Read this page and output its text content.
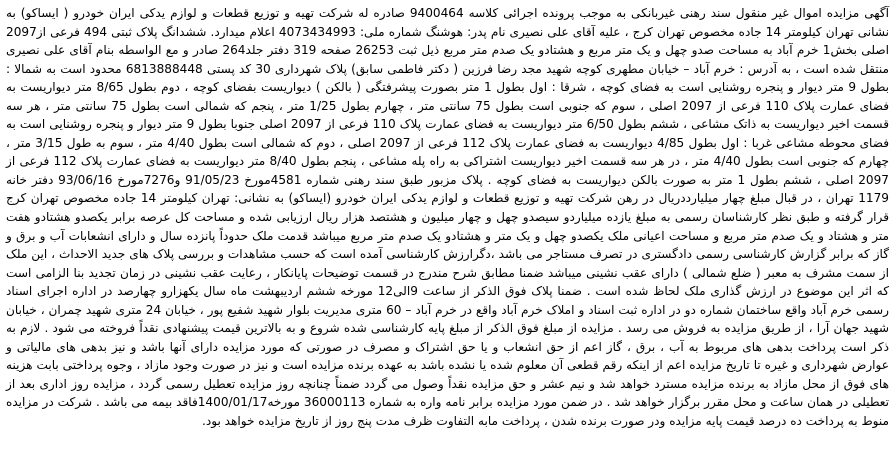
آگهی مزایده اموال غیر منقول سند رهنی غیربانکی به موجب پرونده اجرائی کلاسه 9400464 صادره له شرکت تهیه و توزیع قطعات و لوازم یدکی ایران خودرو ( ایساکو) به نشانی تهران کیلومتر 14 جاده مخصوص تهران کرج ، علیه آقای علی نصیری نام پدر: هوشنگ شماره ملی: 4073434993 اعلام میدارد. ششدانگ پلاک ثبتی 494 فرعی از2097 اصلی بخش1 خرم آباد به مساحت صدو چهل و یک متر مربع و هشتادو یک صدم متر مربع ذیل ثبت 26253 صفحه 319 دفتر جلد264 صادر و مع الواسطه بنام آقای علی نصیری منتقل شده است ، به آدرس : خرم آباد – خیابان مطهری کوچه شهید مجد رضا فرزین ( دکتر فاطمی سابق) پلاک شهرداری 30 کد پستی 6813888448 محدود است به شمالا : بطول 9 متر دیوار و پنجره روشنایی است به فضای کوچه ، شرقا : اول بطول 1 متر بصورت پیشرفتگی ( بالکن ) دیواریست بفضای کوچه ، دوم بطول 8/65 متر دیواریست به فضای عمارت پلاک 110 فرعی از 2097 اصلی ، سوم که جنوبی است بطول 75 سانتی متر ، چهارم بطول 1/25 متر ، پنجم که شمالی است بطول 75 سانتی متر ، هر سه قسمت اخیر دیواریست به ذاتک مشاعی ، ششم بطول 6/50 متر دیواریست به فضای عمارت پلاک 110 فرعی از 2097 اصلی جنوبا بطول 9 متر دیوار و پنجره روشنایی است به فضای محوطه مشاعی غربا : اول بطول 4/85 دیواریست به فضای عمارت پلاک 112 فرعی از 2097 اصلی ، دوم که شمالی است بطول 4/40 متر ، سوم به طول 3/15 متر ، چهارم که جنوبی است بطول 4/40 متر ، در هر سه قسمت اخیر دیواریست اشتراکی به راه پله مشاعی ، پنجم بطول 8/40 متر دیواریست به فضای عمارت پلاک 112 فرعی از 2097 اصلی ، ششم بطول 1 متر به صورت بالکن دیواریست به فضای کوچه . پلاک مزبور طبق سند رهنی شماره 4581مورخ 91/05/23 و7276مورخ 93/06/16 دفتر خانه 1179 تهران ، در قبال مبلغ چهار میلیارددریال در رهن شرکت تهیه و توزیع قطعات و لوازم یدکی ایران خودرو (ایساکو) به نشانی: تهران کیلومتر 14 جاده مخصوص تهران کرج قرار گرفته و طبق نظر کارشناسان رسمی به مبلغ یازده میلیاردو سیصدو چهل و چهار میلیون و هشتصد هزار ریال ارزیابی شده و مساحت کل عرصه برابر یکصدو هشتادو هفت متر و هشتاد و یک صدم متر مربع و مساحت اعیانی ملک یکصدو چهل و یک متر و هشتادو یک صدم متر مربع میباشد قدمت ملک حدوداً پانزده سال و دارای انشعابات آب و برق و گاز که برابر گزارش کارشناسی رسمی دادگستری در تصرف مستاجر می باشد ،دگرارزش کارشناسی آمده است که حسب مشاهدات و بررسی پلاک های جدید الاحداث ، این ملک از سمت مشرف به معبر ( ضلع شمالی ) دارای عقب نشینی میباشد ضمنا مطابق شرح مندرج در قسمت توضیحات پایانکار ، رعایت عقب نشینی در زمان تجدید بنا الزامی است که اثر این موضوع در ارزش گذاری ملک لحاظ شده است . ضمنا پلاک فوق الذکر از ساعت 9الی12 مورخه ششم اردیبهشت ماه سال یکهزارو چهارصد در اداره اجرای اسناد رسمی خرم آباد واقع ساختمان شماره دو در اداره ثبت اسناد و املاک خرم آباد واقع در خرم آباد – 60 متری مدیریت بلوار شهید شفیع پور ، خیابان 24 متری شهید چمران ، خیابان شهید جهان آرا ، از طریق مزایده به فروش می رسد . مزایده از مبلغ فوق الذکر از مبلغ پایه کارشناسی شده شروع و به بالاترین قیمت پیشنهادی نقداً فروخته می شود . لازم به ذکر است پرداخت بدهی های مربوط به آب ، برق ، گاز اعم از حق انشعاب و یا حق اشتراک و مصرف در صورتی که مورد مزایده دارای آنها باشد و نیز بدهی های مالیاتی و عوارض شهرداری و غیره تا تاریخ مزایده اعم از اینکه رقم قطعی آن معلوم شده یا نشده باشد به عهده برنده مزایده است و نیز در صورت وجود مازاد ، وجوه پرداختی بابت هزینه های فوق از محل مازاد به برنده مزایده مسترد خواهد شد و نیم عشر و حق مزایده نقداً وصول می گردد ضمناً چنانچه روز مزایده تعطیل رسمی گردد ، مزایده روز اداری بعد از تعطیلی در همان ساعت و محل مقرر برگزار خواهد شد . در ضمن مورد مزایده برابر نامه واره به شماره 36000113 مورخه1400/01/17فاقد بیمه می باشد . شرکت در مزایده منوط به پرداخت ده درصد قیمت پایه مزایده ودر صورت برنده شدن ، پرداخت مابه التفاوت ظرف مدت پنج روز از تاریخ مزایده خواهد بود.
